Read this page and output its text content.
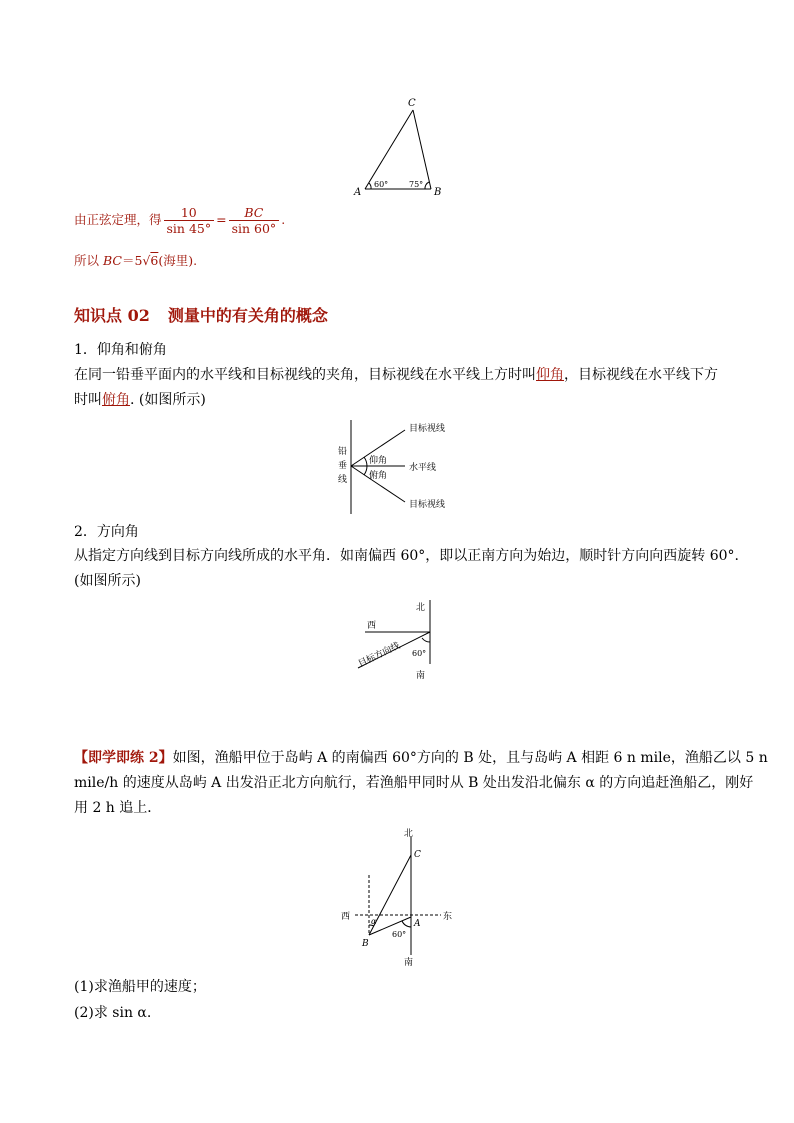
C
A	B
60°	75°
由正弦定理，得 $\frac{10}{\sin 45^\circ} = \frac{BC}{\sin 60^\circ}$ .
所以 BC＝5√6(海里).
知识点 02 测量中的有关角的概念
1．仰角和俯角
在同一铅垂平面内的水平线和目标视线的夹角，目标视线在水平线上方时叫仰角，目标视线在水平线下方
时叫俯角. (如图所示)
铅
垂
线
目标视线
水平线
目标视线
仰角
俯角
2．方向角
从指定方向线到目标方向线所成的水平角．如南偏西 60°，即以正南方向为始边，顺时针方向向西旋转 60°.
(如图所示)
北
西
南
60°
目标方向线
【即学即练 2】如图，渔船甲位于岛屿 A 的南偏西 60°方向的 B 处，且与岛屿 A 相距 6 n mile，渔船乙以 5 n
mile/h 的速度从岛屿 A 出发沿正北方向航行，若渔船甲同时从 B 处出发沿北偏东 α 的方向追赶渔船乙，刚好
用 2 h 追上．
北
C
西	东
A
B
α
60°
南
(1)求渔船甲的速度；
(2)求 sin α.
